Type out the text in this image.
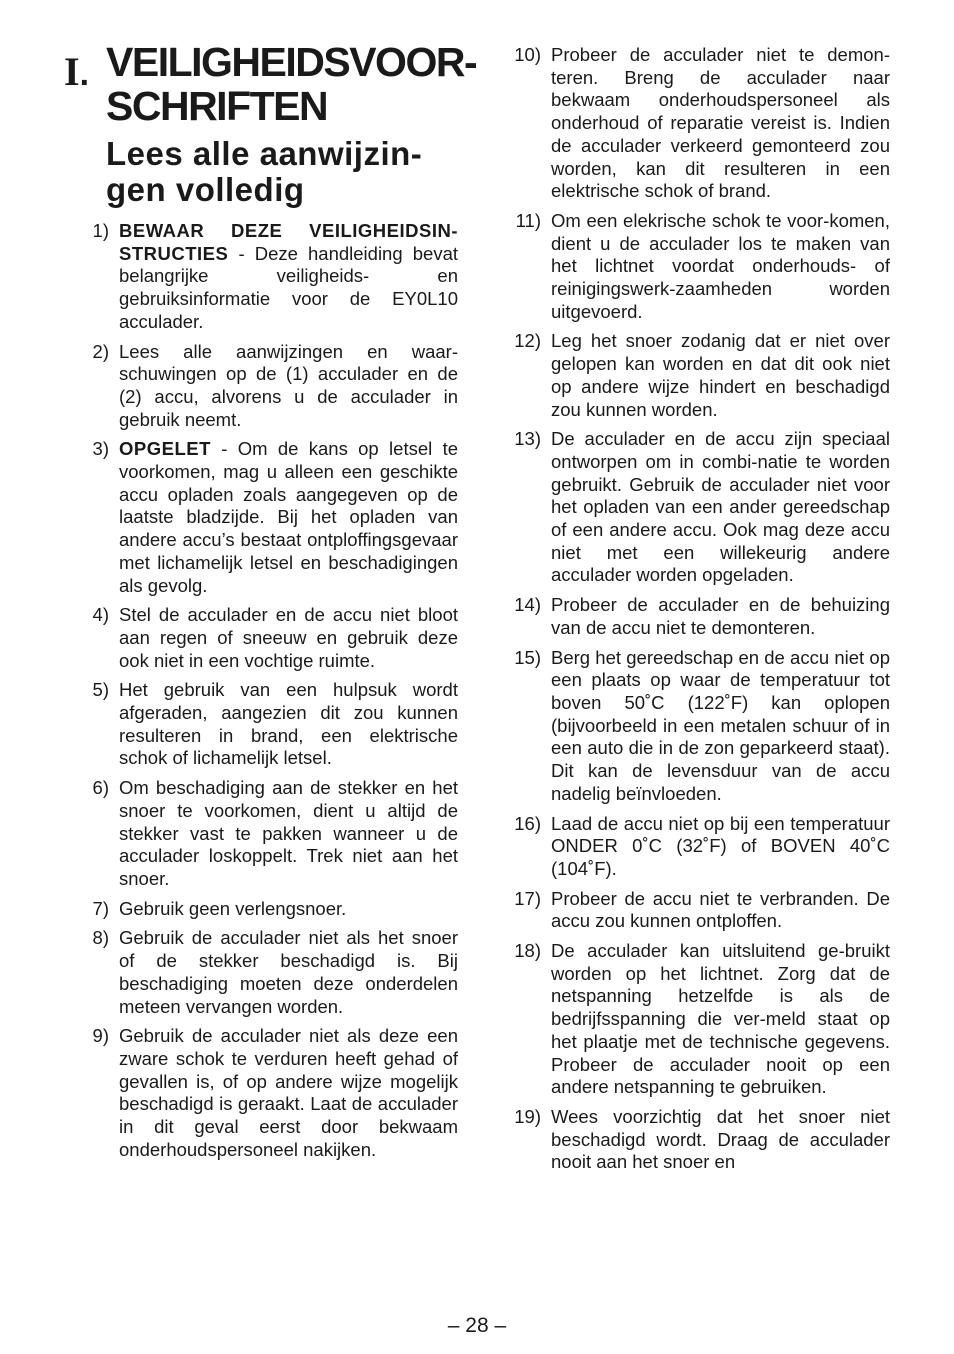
I. VEILIGHEIDSVOOR-
SCHRIFTEN
Lees alle aanwijzin-
gen volledig
1) BEWAAR DEZE VEILIGHEIDSIN-STRUCTIES - Deze handleiding bevat belangrijke veiligheids- en gebruiksinformatie voor de EY0L10 acculader.
2) Lees alle aanwijzingen en waar-schuwingen op de (1) acculader en de (2) accu, alvorens u de acculader in gebruik neemt.
3) OPGELET - Om de kans op letsel te voorkomen, mag u alleen een geschikte accu opladen zoals aangegeven op de laatste bladzijde. Bij het opladen van andere accu’s bestaat ontploffingsgevaar met lichamelijk letsel en beschadigingen als gevolg.
4) Stel de acculader en de accu niet bloot aan regen of sneeuw en gebruik deze ook niet in een vochtige ruimte.
5) Het gebruik van een hulpsuk wordt afgeraden, aangezien dit zou kunnen resulteren in brand, een elektrische schok of lichamelijk letsel.
6) Om beschadiging aan de stekker en het snoer te voorkomen, dient u altijd de stekker vast te pakken wanneer u de acculader loskoppelt. Trek niet aan het snoer.
7) Gebruik geen verlengsnoer.
8) Gebruik de acculader niet als het snoer of de stekker beschadigd is. Bij beschadiging moeten deze onderdelen meteen vervangen worden.
9) Gebruik de acculader niet als deze een zware schok te verduren heeft gehad of gevallen is, of op andere wijze mogelijk beschadigd is geraakt. Laat de acculader in dit geval eerst door bekwaam onderhoudspersoneel nakijken.
10) Probeer de acculader niet te demon-teren. Breng de acculader naar bekwaam onderhoudspersoneel als onderhoud of reparatie vereist is. Indien de acculader verkeerd gemonteerd zou worden, kan dit resulteren in een elektrische schok of brand.
11) Om een elekrische schok te voor-komen, dient u de acculader los te maken van het lichtnet voordat onderhouds- of reinigingswerk-zaamheden worden uitgevoerd.
12) Leg het snoer zodanig dat er niet over gelopen kan worden en dat dit ook niet op andere wijze hindert en beschadigd zou kunnen worden.
13) De acculader en de accu zijn speciaal ontworpen om in combi-natie te worden gebruikt. Gebruik de acculader niet voor het opladen van een ander gereedschap of een andere accu. Ook mag deze accu niet met een willekeurig andere acculader worden opgeladen.
14) Probeer de acculader en de behuizing van de accu niet te demonteren.
15) Berg het gereedschap en de accu niet op een plaats op waar de temperatuur tot boven 50˚C (122˚F) kan oplopen (bijvoorbeeld in een metalen schuur of in een auto die in de zon geparkeerd staat). Dit kan de levensduur van de accu nadelig beïnvloeden.
16) Laad de accu niet op bij een temperatuur ONDER 0˚C (32˚F) of BOVEN 40˚C (104˚F).
17) Probeer de accu niet te verbranden. De accu zou kunnen ontploffen.
18) De acculader kan uitsluitend ge-bruikt worden op het lichtnet. Zorg dat de netspanning hetzelfde is als de bedrijfsspanning die ver-meld staat op het plaatje met de technische gegevens. Probeer de acculader nooit op een andere netspanning te gebruiken.
19) Wees voorzichtig dat het snoer niet beschadigd wordt. Draag de acculader nooit aan het snoer en
– 28 –
